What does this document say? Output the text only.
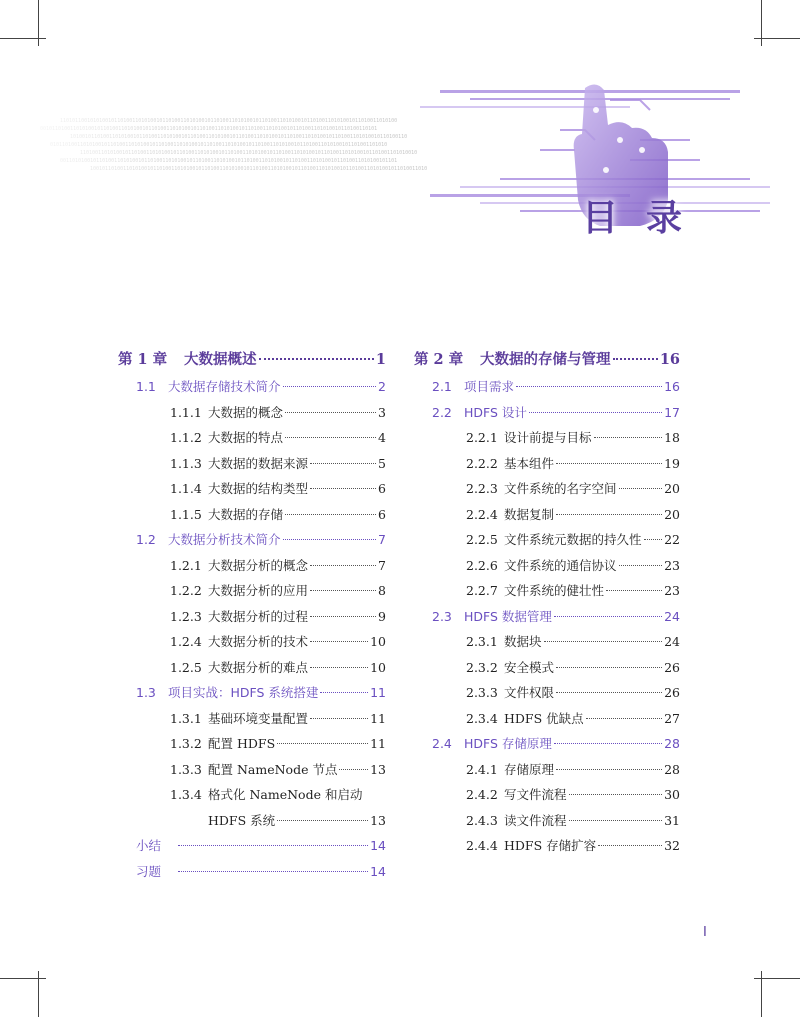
目 录
第 1 章	大数据概述	1
1.1 大数据存储技术简介	2
1.1.1 大数据的概念	3
1.1.2 大数据的特点	4
1.1.3 大数据的数据来源	5
1.1.4 大数据的结构类型	6
1.1.5 大数据的存储	6
1.2 大数据分析技术简介	7
1.2.1 大数据分析的概念	7
1.2.2 大数据分析的应用	8
1.2.3 大数据分析的过程	9
1.2.4 大数据分析的技术	10
1.2.5 大数据分析的难点	10
1.3 项目实战：HDFS 系统搭建	11
1.3.1 基础环境变量配置	11
1.3.2 配置 HDFS	11
1.3.3 配置 NameNode 节点	13
1.3.4 格式化 NameNode 和启动
HDFS 系统	13
小结	14
习题	14
第 2 章	大数据的存储与管理	16
2.1 项目需求	16
2.2 HDFS 设计	17
2.2.1 设计前提与目标	18
2.2.2 基本组件	19
2.2.3 文件系统的名字空间	20
2.2.4 数据复制	20
2.2.5 文件系统元数据的持久性 22
2.2.6 文件系统的通信协议	23
2.2.7 文件系统的健壮性	23
2.3 HDFS 数据管理	24
2.3.1 数据块	24
2.3.2 安全模式	26
2.3.3 文件权限	26
2.3.4 HDFS 优缺点	27
2.4 HDFS 存储原理	28
2.4.1 存储原理	28
2.4.2 写文件流程	30
2.4.3 读文件流程	31
2.4.4 HDFS 存储扩容	32
I
